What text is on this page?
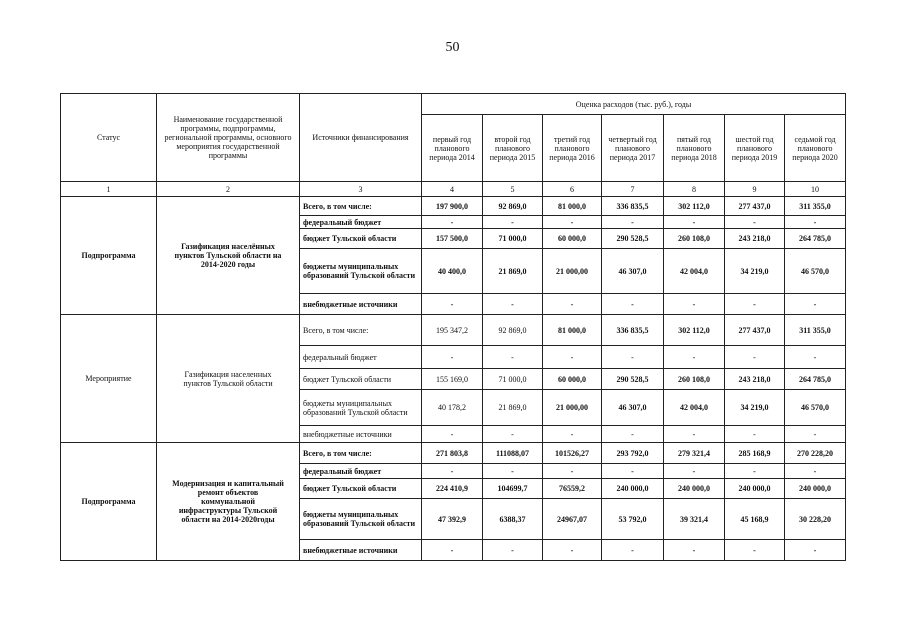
50
Статус	Наименование государственной программы, подпрограммы, региональной программы, основного мероприятия государственной программы	Источники финансирования	Оценка расходов (тыс. руб.), годы						
			первый год планового периода 2014	второй год планового периода 2015	третий год планового периода 2016	четвертый год планового периода 2017	пятый год планового периода 2018	шестой год планового периода 2019	седьмой год планового периода 2020
1	2	3	4	5	6	7	8	9	10
Подпрограмма	Газификация населённых пунктов Тульской области на 2014-2020 годы	Всего, в том числе:	197 900,0	92 869,0	81 000,0	336 835,5	302 112,0	277 437,0	311 355,0
		федеральный бюджет	-	-	-	-	-	-	-
		бюджет Тульской области	157 500,0	71 000,0	60 000,0	290 528,5	260 108,0	243 218,0	264 785,0
		бюджеты муниципальных образований Тульской области	40 400,0	21 869,0	21 000,00	46 307,0	42 004,0	34 219,0	46 570,0
		внебюджетные источники	-	-	-	-	-	-	-
Мероприятие	Газификация населенных пунктов Тульской области	Всего, в том числе:	195 347,2	92 869,0	81 000,0	336 835,5	302 112,0	277 437,0	311 355,0
		федеральный бюджет	-	-	-	-	-	-	-
		бюджет Тульской области	155 169,0	71 000,0	60 000,0	290 528,5	260 108,0	243 218,0	264 785,0
		бюджеты муниципальных образований Тульской области	40 178,2	21 869,0	21 000,00	46 307,0	42 004,0	34 219,0	46 570,0
		внебюджетные источники	-	-	-	-	-	-	-
Подпрограмма	Модернизация и капитальный ремонт объектов коммунальной инфраструктуры Тульской области на 2014-2020годы	Всего, в том числе:	271 803,8	111088,07	101526,27	293 792,0	279 321,4	285 168,9	270 228,20
		федеральный бюджет	-	-	-	-	-	-	-
		бюджет Тульской области	224 410,9	104699,7	76559,2	240 000,0	240 000,0	240 000,0	240 000,0
		бюджеты муниципальных образований Тульской области	47 392,9	6388,37	24967,07	53 792,0	39 321,4	45 168,9	30 228,20
		внебюджетные источники	-	-	-	-	-	-	-
